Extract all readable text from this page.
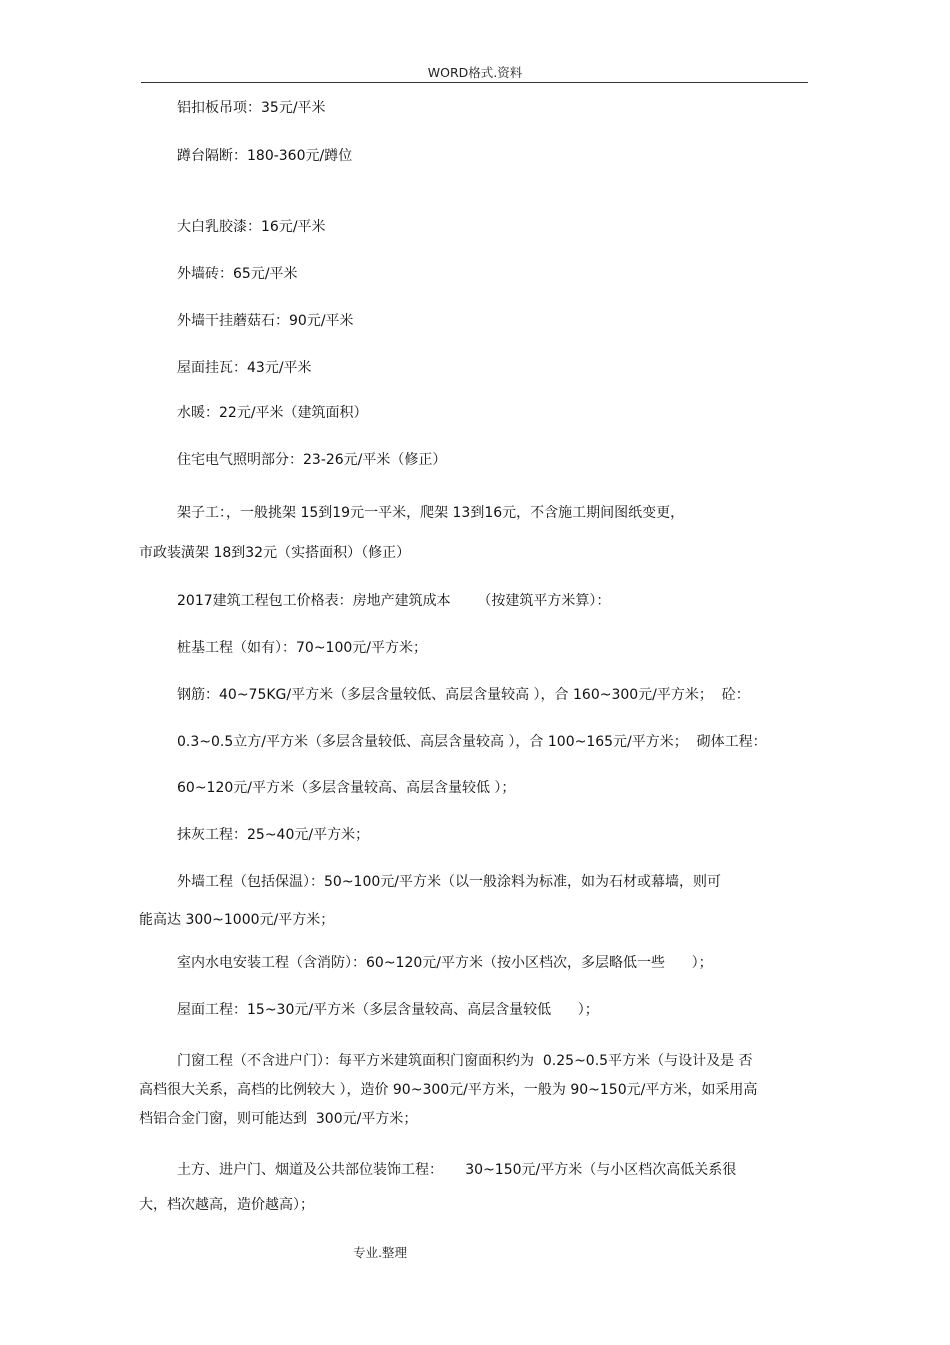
WORD格式.资料
铝扣板吊项：35元/平米
蹲台隔断：180-360元/蹲位
大白乳胶漆：16元/平米
外墙砖：65元/平米
外墙干挂蘑菇石：90元/平米
屋面挂瓦：43元/平米
水暖：22元/平米（建筑面积）
住宅电气照明部分：23-26元/平米（修正）
架子工：，一般挑架 15到19元一平米，爬架 13到16元，不含施工期间图纸变更，
市政装潢架 18到32元（实搭面积）（修正）
2017建筑工程包工价格表：房地产建筑成本      （按建筑平方米算）：
桩基工程（如有）：70~100元/平方米；
钢筋：40~75KG/平方米（多层含量较低、高层含量较高 ），合 160~300元/平方米；  砼：
0.3~0.5立方/平方米（多层含量较低、高层含量较高 ），合 100~165元/平方米；  砌体工程：
60~120元/平方米（多层含量较高、高层含量较低 ）；
抹灰工程：25~40元/平方米；
外墙工程（包括保温）：50~100元/平方米（以一般涂料为标准，如为石材或幕墙，则可
能高达 300~1000元/平方米；
室内水电安装工程（含消防）：60~120元/平方米（按小区档次，多层略低一些      ）；
屋面工程：15~30元/平方米（多层含量较高、高层含量较低      ）；
门窗工程（不含进户门）：每平方米建筑面积门窗面积约为  0.25~0.5平方米（与设计及是 否
高档很大关系，高档的比例较大 ），造价 90~300元/平方米，一般为 90~150元/平方米，如采用高
档铝合金门窗，则可能达到  300元/平方米；
土方、进户门、烟道及公共部位装饰工程：     30~150元/平方米（与小区档次高低关系很
大，档次越高，造价越高）；
专业.整理
